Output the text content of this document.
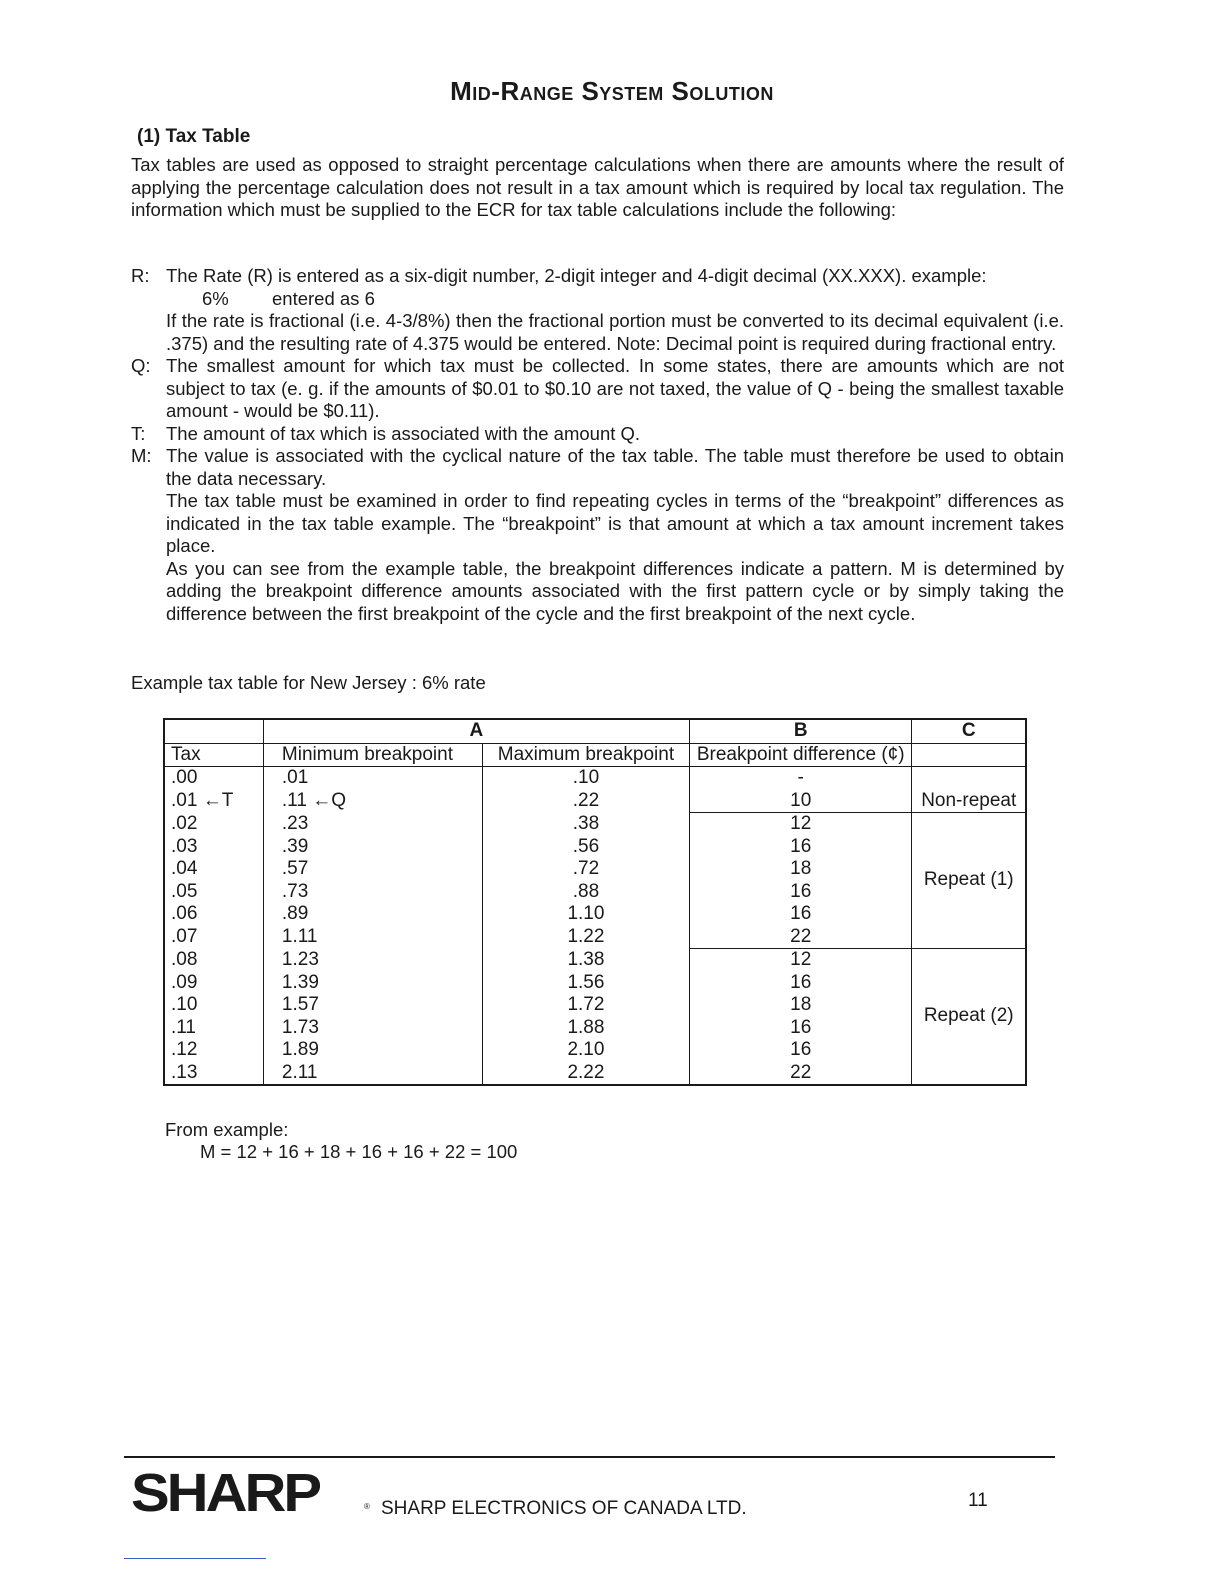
Mid-Range System Solution
(1) Tax Table
Tax tables are used as opposed to straight percentage calculations when there are amounts where the result of applying the percentage calculation does not result in a tax amount which is required by local tax regulation. The information which must be supplied to the ECR for tax table calculations include the following:
R: The Rate (R) is entered as a six-digit number, 2-digit integer and 4-digit decimal (XX.XXX). example:

6% entered as 6

If the rate is fractional (i.e. 4-3/8%) then the fractional portion must be converted to its decimal equivalent (i.e. .375) and the resulting rate of 4.375 would be entered. Note: Decimal point is required during fractional entry.

Q: The smallest amount for which tax must be collected. In some states, there are amounts which are not subject to tax (e. g. if the amounts of $0.01 to $0.10 are not taxed, the value of Q - being the smallest taxable amount - would be $0.11).

T: The amount of tax which is associated with the amount Q.

M: The value is associated with the cyclical nature of the tax table. The table must therefore be used to obtain the data necessary.

The tax table must be examined in order to find repeating cycles in terms of the “breakpoint” differences as indicated in the tax table example. The “breakpoint” is that amount at which a tax amount increment takes place.

As you can see from the example table, the breakpoint differences indicate a pattern. M is determined by adding the breakpoint difference amounts associated with the first pattern cycle or by simply taking the difference between the first breakpoint of the cycle and the first breakpoint of the next cycle.

Example tax table for New Jersey : 6% rate
	A		B	C
Tax	Minimum breakpoint	Maximum breakpoint	Breakpoint difference (¢)	
.00	.01	.10	-	Non-repeat
.01 ←T	.11 ←Q	.22	10	
.02	.23	.38	12	Repeat (1)
.03	.39	.56	16	
.04	.57	.72	18	
.05	.73	.88	16	
.06	.89	1.10	16	
.07	1.11	1.22	22	
.08	1.23	1.38	12	Repeat (2)
.09	1.39	1.56	16	
.10	1.57	1.72	18	
.11	1.73	1.88	16	
.12	1.89	2.10	16	
.13	2.11	2.22	22	
From example:
M = 12 + 16 + 18 + 16 + 16 + 22 = 100
SHARP	® SHARP ELECTRONICS OF CANADA LTD.	11
